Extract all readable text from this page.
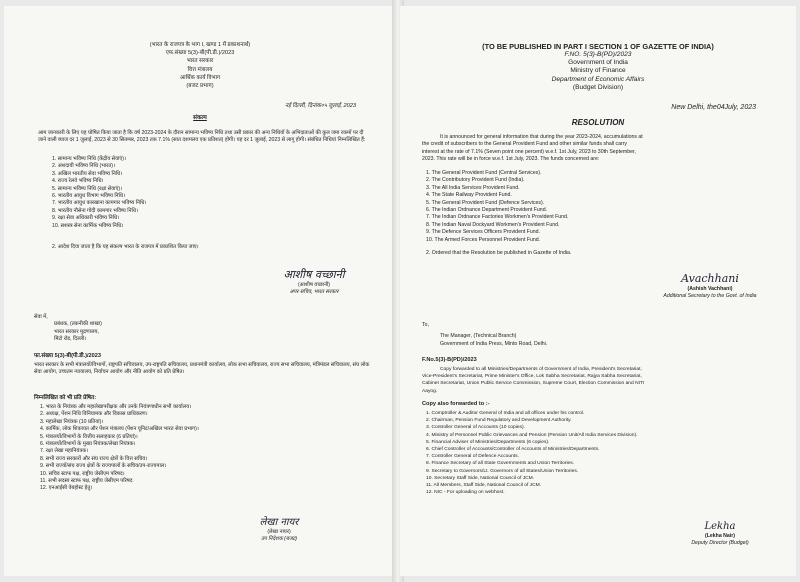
(भारत के राजपत्र के भाग I, खण्ड 1 में प्रकाशनार्थ)
एफ.संख्या 5(3)-बी(पी.डी.)/2023
भारत सरकार
वित्त मंत्रालय
आर्थिक कार्य विभाग
(बजट प्रभाग)
नई दिल्ली, दिनांक०५ जुलाई, 2023
संकल्प
आम जानकारी के लिए यह घोषित किया जाता है कि वर्ष 2023-2024 के दौरान सामान्य भविष्य निधि तथा उसी प्रकार की अन्य निधियों के अभिदाताओं की कुल जमा रकमों पर दी जाने वाली ब्याज दर 1 जुलाई, 2023 से 30 सितम्बर, 2023 तक 7.1% (सात दशमलव एक प्रतिशत) होगी। यह दर 1 जुलाई, 2023 से लागू होगी। संबंधित निधियां निम्नलिखित हैं:
1. सामान्य भविष्य निधि (केंद्रीय सेवाएं)।
2. अंशदायी भविष्य निधि (भारत)।
3. अखिल भारतीय सेवा भविष्य निधि।
4. राज्य रेलवे भविष्य निधि।
5. सामान्य भविष्य निधि (रक्षा सेवाएं)।
6. भारतीय आयुध विभाग भविष्य निधि।
7. भारतीय आयुध कारखाना कामगार भविष्य निधि।
8. भारतीय नौसेना गोदी कामगार भविष्य निधि।
9. रक्षा सेवा अधिकारी भविष्य निधि।
10. सशस्त्र सेना कार्मिक भविष्य निधि।
2. आदेश दिया जाता है कि यह संकल्प भारत के राजपत्र में प्रकाशित किया जाए।
आशीष वच्छानी
(आशीष वच्छानी)
अपर सचिव, भारत सरकार
सेवा में,
प्रबंधक, (तकनीकी शाखा)
भारत सरकार मुद्रणालय,
मिंटो रोड, दिल्ली।
फा.संख्या 5(3)-बी(पी.डी.)/2023
भारत सरकार के सभी मंत्रालयों/विभागों, राष्ट्रपति सचिवालय, उप-राष्ट्रपति सचिवालय, प्रधानमंत्री कार्यालय, लोक सभा सचिवालय, राज्य सभा सचिवालय, मंत्रिमंडल सचिवालय, संघ लोक सेवा आयोग, उच्चतम न्यायालय, निर्वाचन आयोग और नीति आयोग को प्रति प्रेषित।
निम्नलिखित को भी प्रति प्रेषित:
1. भारत के नियंत्रक और महालेखापरीक्षक और उनके नियंत्रणाधीन सभी कार्यालय।
2. अध्यक्ष, पेंशन निधि विनियामक और विकास प्राधिकरण।
3. महालेखा नियंत्रक (10 प्रतियां)।
4. कार्मिक, लोक शिकायत और पेंशन मंत्रालय (पेंशन यूनिट/अखिल भारत सेवा प्रभाग)।
5. मंत्रालयों/विभागों के वित्तीय सलाहकार (6 प्रतियां)।
6. मंत्रालयों/विभागों के मुख्य नियंत्रक/लेखा नियंत्रक।
7. रक्षा लेखा महानियंत्रक।
8. सभी राज्य सरकारों और संघ राज्य क्षेत्रों के वित्त सचिव।
9. सभी राज्यों/संघ राज्य क्षेत्रों के राज्यपालों के सचिव/उप-राज्यपाल।
10. सचिव स्टाफ पक्ष, राष्ट्रीय जेसीएम परिषद।
11. सभी सदस्य स्टाफ पक्ष, राष्ट्रीय जेसीएम परिषद
12. एनआईसी वेबहोस्ट हेतु।
लेखा नायर
(लेखा नायर)
उप निदेशक (बजट)
(TO BE PUBLISHED IN PART I SECTION 1 OF GAZETTE OF INDIA)
F.NO. 5(3)-B(PD)/2023
Government of India
Ministry of Finance
Department of Economic Affairs
(Budget Division)
New Delhi, the04July, 2023
RESOLUTION
It is announced for general information that during the year 2023-2024, accumulations at
the credit of subscribers to the General Provident Fund and other similar funds shall carry
interest at the rate of 7.1% (Seven point one percent) w.e.f. 1st July, 2023 to 30th September,
2023. This rate will be in force w.e.f. 1st July, 2023. The funds concerned are:
1. The General Provident Fund (Central Services).
2. The Contributory Provident Fund (India).
3. The All India Services Provident Fund.
4. The State Railway Provident Fund.
5. The General Provident Fund (Defence Services).
6. The Indian Ordnance Department Provident Fund.
7. The Indian Ordnance Factories Workmen's Provident Fund.
8. The Indian Naval Dockyard Workmen's Provident Fund.
9. The Defence Services Officers Provident Fund.
10. The Armed Forces Personnel Provident Fund.
2. Ordered that the Resolution be published in Gazette of India.
Avachhani
(Ashish Vachhani)
Additional Secretary to the Govt. of India
To,
The Manager, (Technical Branch)
Government of India Press, Minto Road, Delhi.
F.No.5(3)-B(PD)/2023
Copy forwarded to all Ministries/Departments of Government of India, President's Secretariat,
Vice-President's Secretariat, Prime Minister's Office, Lok Sabha Secretariat, Rajya Sabha Secretariat,
Cabinet Secretariat, Union Public Service Commission, Supreme Court, Election Commission and NITI
Aayog.
Copy also forwarded to :-
1. Comptroller & Auditor General of India and all offices under his control.
2. Chairman, Pension Fund Regulatory and Development Authority.
3. Controller General of Accounts (10 copies).
4. Ministry of Personnel Public Grievances and Pension (Pension Unit/All India Services Division).
5. Financial Adviser of Ministries/Departments (6 copies).
6. Chief Controller of Accounts/Controller of Accounts of Ministries/Departments.
7. Controller General of Defence Accounts.
8. Finance Secretary of all State Governments and Union Territories.
9. Secretary to Governors/Lt. Governors of all States/Union Territories.
10. Secretary Staff Side, National Council of JCM.
11. All Members, Staff Side, National Council of JCM.
12. NIC - For uploading on webhost.
Lekha
(Lekha Nair)
Deputy Director (Budget)
